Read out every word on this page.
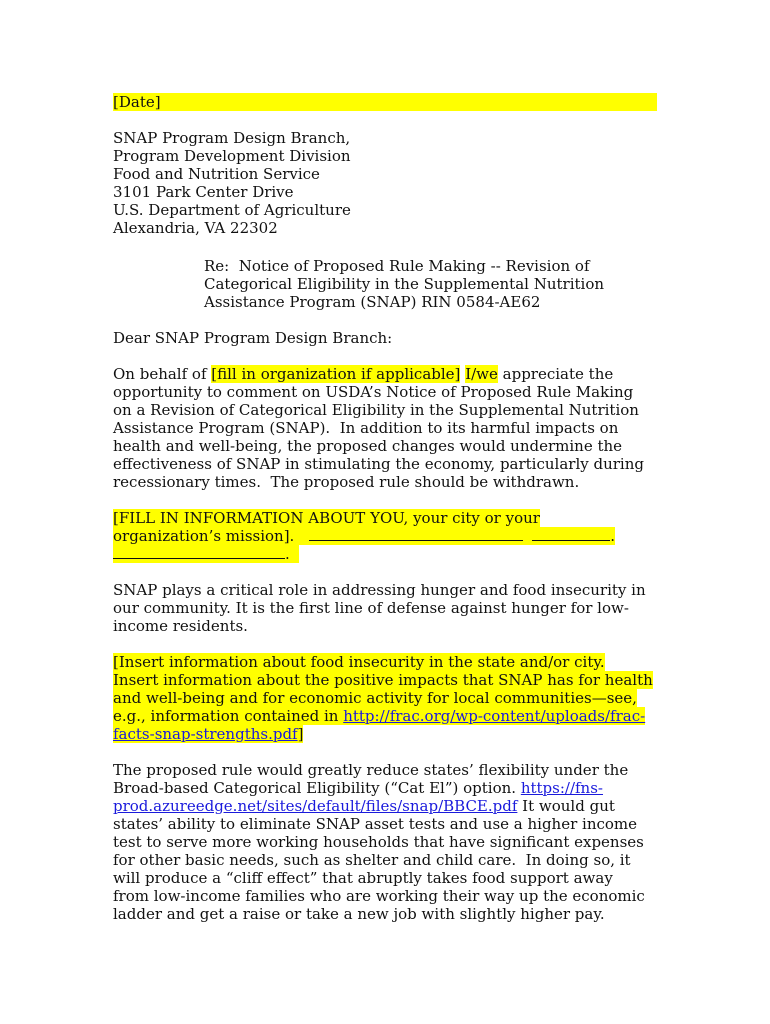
[Date]
SNAP Program Design Branch,
Program Development Division
Food and Nutrition Service
3101 Park Center Drive
U.S. Department of Agriculture
Alexandria, VA 22302
Re:  Notice of Proposed Rule Making -- Revision of
Categorical Eligibility in the Supplemental Nutrition
Assistance Program (SNAP) RIN 0584-AE62
Dear SNAP Program Design Branch:
On behalf of [fill in organization if applicable] I/we appreciate the
opportunity to comment on USDA’s Notice of Proposed Rule Making
on a Revision of Categorical Eligibility in the Supplemental Nutrition
Assistance Program (SNAP).  In addition to its harmful impacts on
health and well-being, the proposed changes would undermine the
effectiveness of SNAP in stimulating the economy, particularly during
recessionary times.  The proposed rule should be withdrawn.
[FILL IN INFORMATION ABOUT YOU, your city or your
organization’s mission].	.
.
SNAP plays a critical role in addressing hunger and food insecurity in
our community. It is the first line of defense against hunger for low-
income residents.
[Insert information about food insecurity in the state and/or city.
Insert information about the positive impacts that SNAP has for health
and well-being and for economic activity for local communities—see,
e.g., information contained in http://frac.org/wp-content/uploads/frac-
facts-snap-strengths.pdf]
The proposed rule would greatly reduce states’ flexibility under the
Broad-based Categorical Eligibility (“Cat El”) option. https://fns-
prod.azureedge.net/sites/default/files/snap/BBCE.pdf It would gut
states’ ability to eliminate SNAP asset tests and use a higher income
test to serve more working households that have significant expenses
for other basic needs, such as shelter and child care.  In doing so, it
will produce a “cliff effect” that abruptly takes food support away
from low-income families who are working their way up the economic
ladder and get a raise or take a new job with slightly higher pay.
